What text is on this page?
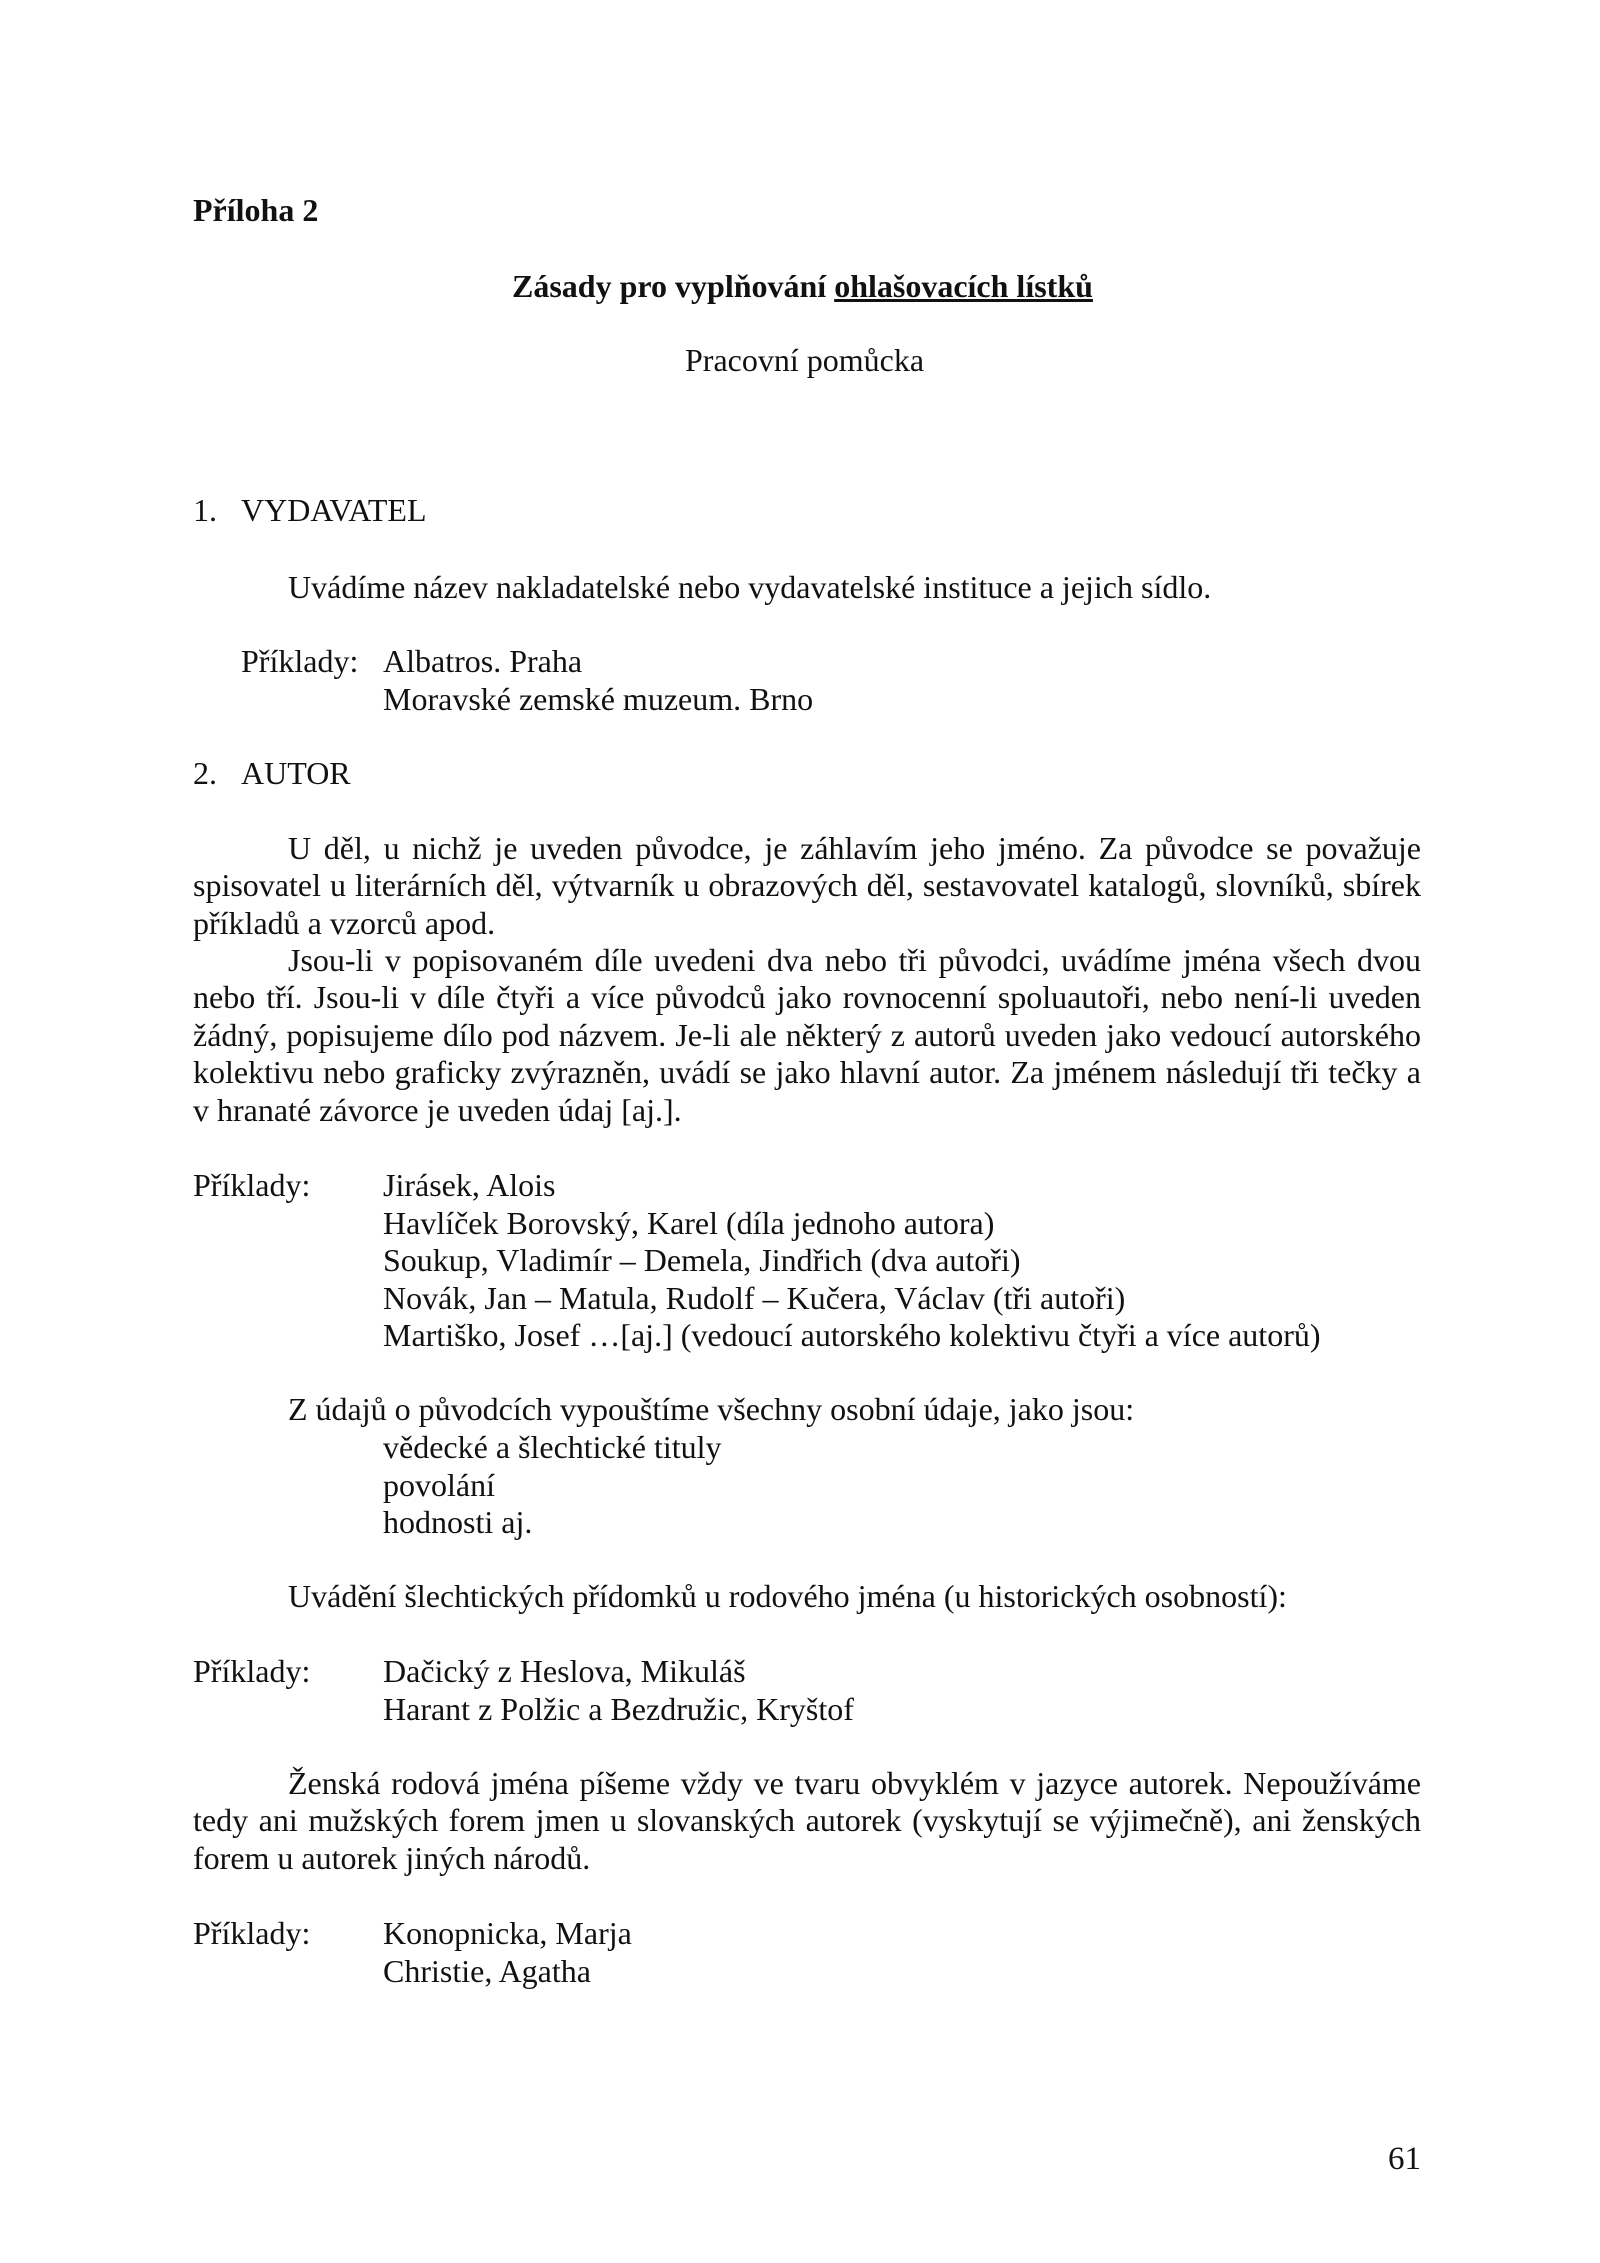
Příloha 2

Zásady pro vyplňování ohlašovacích lístků

Pracovní pomůcka

1. VYDAVATEL

Uvádíme název nakladatelské nebo vydavatelské instituce a jejich sídlo.

Příklady: Albatros. Praha
Moravské zemské muzeum. Brno

2. AUTOR

U děl, u nichž je uveden původce, je záhlavím jeho jméno. Za původce se považuje spisovatel u literárních děl, výtvarník u obrazových děl, sestavovatel katalogů, slovníků, sbírek příkladů a vzorců apod.

Jsou-li v popisovaném díle uvedeni dva nebo tři původci, uvádíme jména všech dvou nebo tří. Jsou-li v díle čtyři a více původců jako rovnocenní spoluautoři, nebo není-li uveden žádný, popisujeme dílo pod názvem. Je-li ale některý z autorů uveden jako vedoucí autorského kolektivu nebo graficky zvýrazněn, uvádí se jako hlavní autor. Za jménem následují tři tečky a v hranaté závorce je uveden údaj [aj.].

Příklady: Jirásek, Alois
Havlíček Borovský, Karel (díla jednoho autora)
Soukup, Vladimír – Demela, Jindřich (dva autoři)
Novák, Jan – Matula, Rudolf – Kučera, Václav (tři autoři)
Martiško, Josef …[aj.] (vedoucí autorského kolektivu čtyři a více autorů)

Z údajů o původcích vypouštíme všechny osobní údaje, jako jsou:

vědecké a šlechtické tituly
povolání
hodnosti aj.

Uvádění šlechtických přídomků u rodového jména (u historických osobností):

Příklady: Dačický z Heslova, Mikuláš
Harant z Polžic a Bezdružic, Kryštof

Ženská rodová jména píšeme vždy ve tvaru obvyklém v jazyce autorek. Nepoužíváme tedy ani mužských forem jmen u slovanských autorek (vyskytují se výjimečně), ani ženských forem u autorek jiných národů.

Příklady: Konopnicka, Marja
Christie, Agatha

61
